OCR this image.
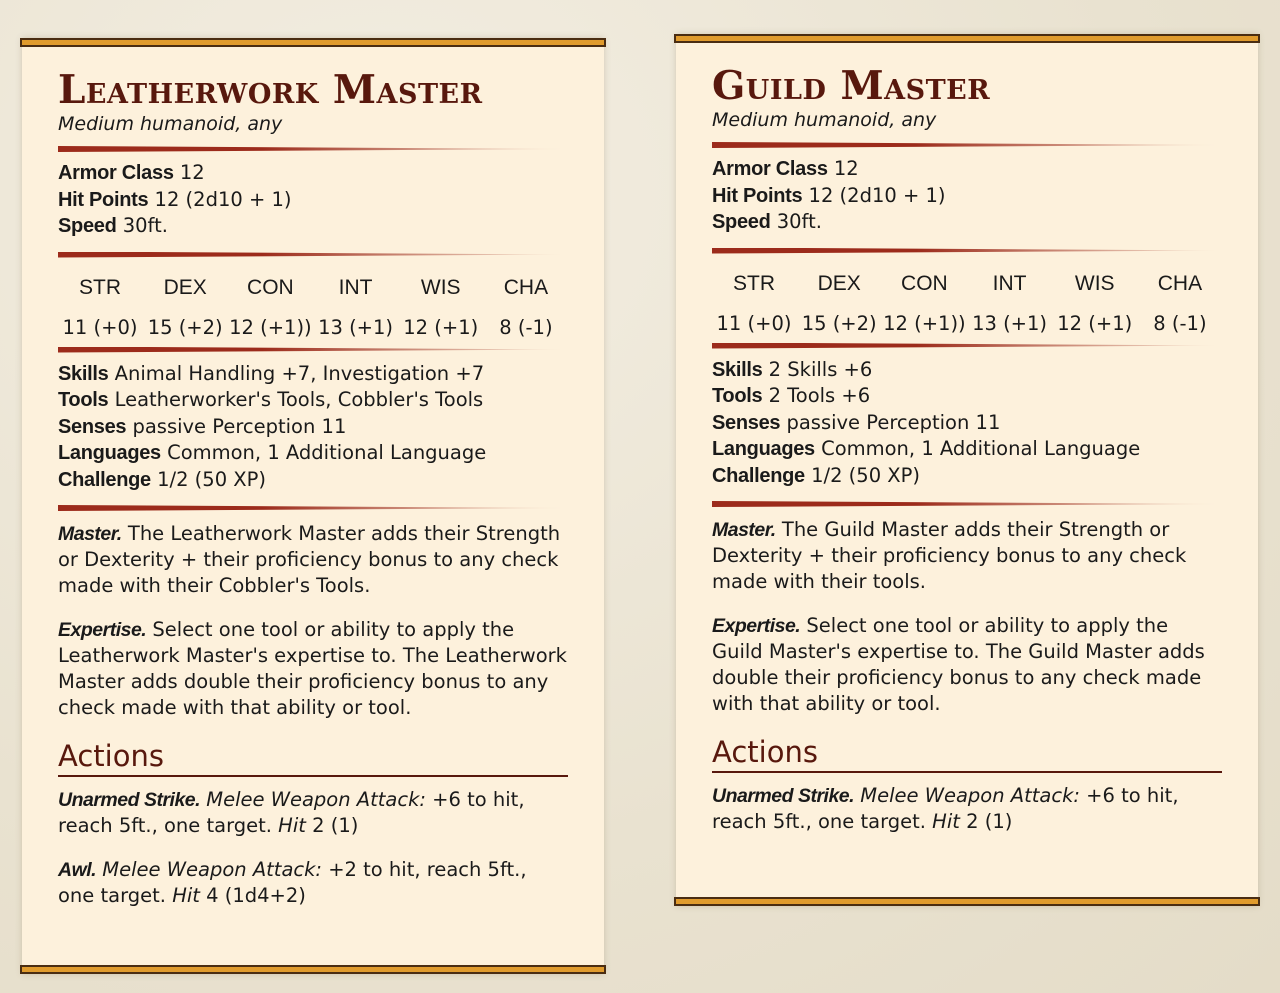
Leatherwork Master

Medium humanoid, any

Armor Class 12
Hit Points 12 (2d10 + 1)
Speed 30ft.
STR
11 (+0)
DEX
15 (+2)
CON
12 (+1))
INT
13 (+1)
WIS
12 (+1)
CHA
8 (-1)
Skills Animal Handling +7, Investigation +7
Tools Leatherworker's Tools, Cobbler's Tools
Senses passive Perception 11
Languages Common, 1 Additional Language
Challenge 1/2 (50 XP)
Master. The Leatherwork Master adds their Strength or Dexterity + their proficiency bonus to any check made with their Cobbler's Tools.
Expertise. Select one tool or ability to apply the Leatherwork Master's expertise to. The Leatherwork Master adds double their proficiency bonus to any check made with that ability or tool.
Actions
Unarmed Strike. Melee Weapon Attack: +6 to hit, reach 5ft., one target. Hit 2 (1)
Awl. Melee Weapon Attack: +2 to hit, reach 5ft., one target. Hit 4 (1d4+2)
Guild Master

Medium humanoid, any

Armor Class 12
Hit Points 12 (2d10 + 1)
Speed 30ft.
STR
11 (+0)
DEX
15 (+2)
CON
12 (+1))
INT
13 (+1)
WIS
12 (+1)
CHA
8 (-1)
Skills 2 Skills +6
Tools 2 Tools +6
Senses passive Perception 11
Languages Common, 1 Additional Language
Challenge 1/2 (50 XP)
Master. The Guild Master adds their Strength or Dexterity + their proficiency bonus to any check made with their tools.
Expertise. Select one tool or ability to apply the Guild Master's expertise to. The Guild Master adds double their proficiency bonus to any check made with that ability or tool.
Actions
Unarmed Strike. Melee Weapon Attack: +6 to hit, reach 5ft., one target. Hit 2 (1)
